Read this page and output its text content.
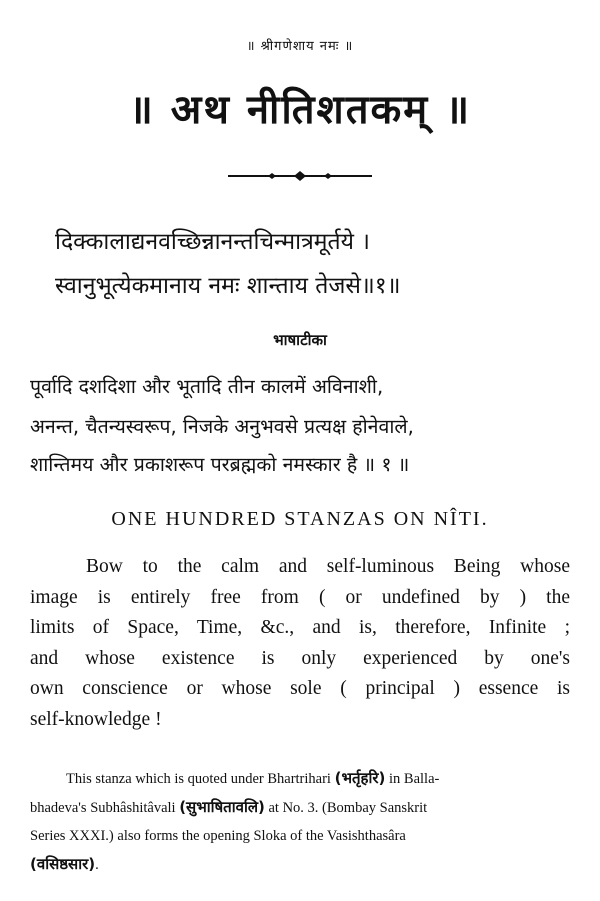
॥ श्रीगणेशाय नमः ॥
॥ अथ नीतिशतकम् ॥
दिक्कालाद्यनवच्छिन्नानन्तचिन्मात्रमूर्तये ।
स्वानुभूत्येकमानाय नमः शान्ताय तेजसे॥१॥
भाषाटीका
पूर्वादि दशदिशा और भूतादि तीन कालमें अविनाशी,
अनन्त, चैतन्यस्वरूप, निजके अनुभवसे प्रत्यक्ष होनेवाले,
शान्तिमय और प्रकाशरूप परब्रह्मको नमस्कार है ॥ १ ॥
ONE HUNDRED STANZAS ON NÎTI.
Bow to the calm and self-luminous Being whose
image is entirely free from ( or undefined by ) the
limits of Space, Time, &c., and is, therefore, Infinite ;
and whose existence is only experienced by one's
own conscience or whose sole ( principal ) essence is
self-knowledge !
This stanza which is quoted under Bhartrihari (भर्तृहरि) in Balla-
bhadeva's Subhâshitâvali (सुभाषितावलि) at No. 3. (Bombay Sanskrit
Series XXXI.) also forms the opening Sloka of the Vasishthasâra
(वसिष्ठसार).
